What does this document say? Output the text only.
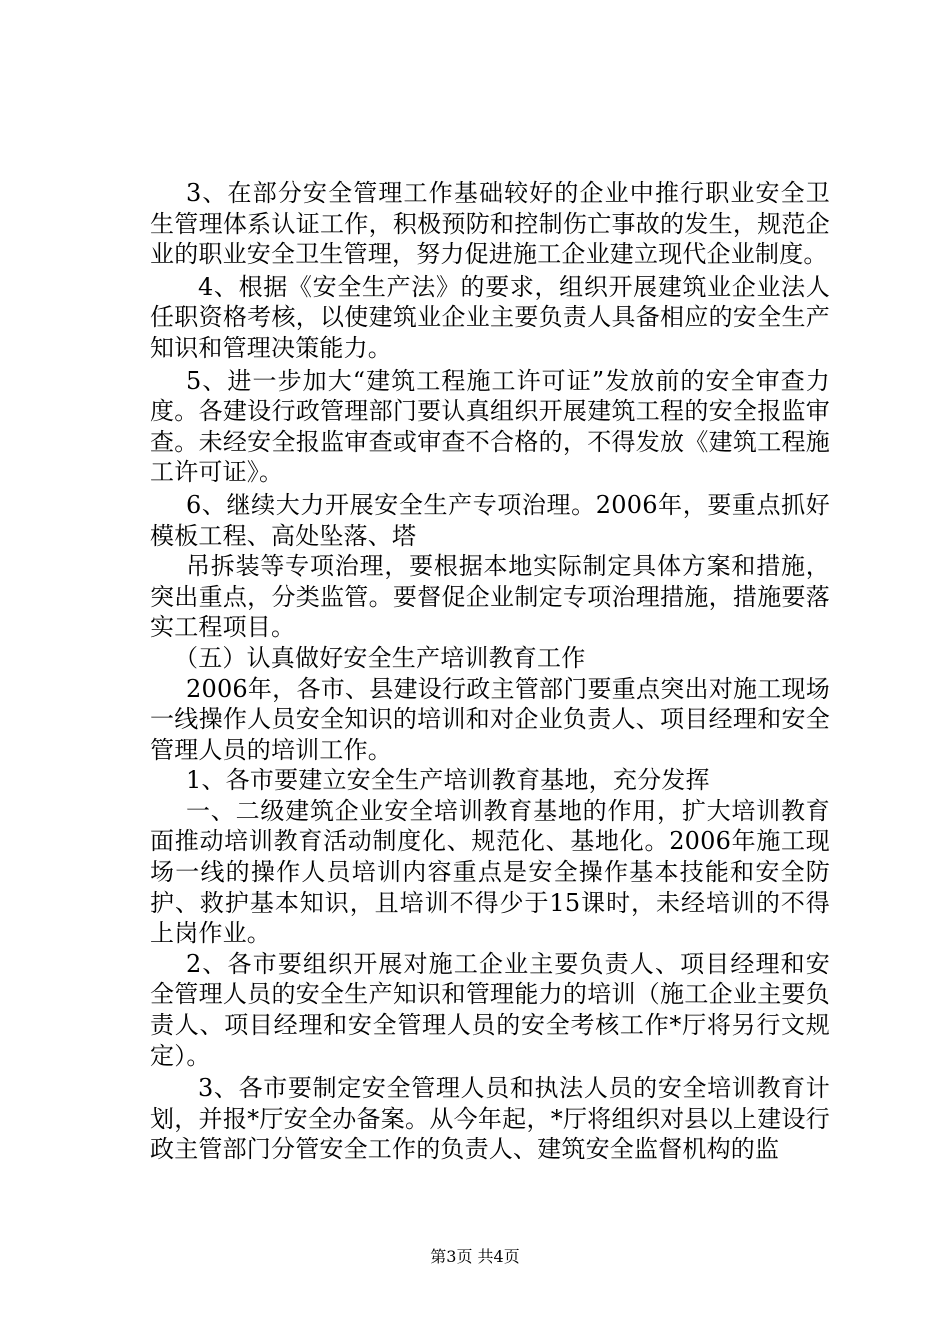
3、在部分安全管理工作基础较好的企业中推行职业安全卫生管理体系认证工作，积极预防和控制伤亡事故的发生，规范企业的职业安全卫生管理，努力促进施工企业建立现代企业制度。

4、根据《安全生产法》的要求，组织开展建筑业企业法人任职资格考核，以使建筑业企业主要负责人具备相应的安全生产知识和管理决策能力。

5、进一步加大“建筑工程施工许可证”发放前的安全审查力度。各建设行政管理部门要认真组织开展建筑工程的安全报监审查。未经安全报监审查或审查不合格的，不得发放《建筑工程施工许可证》。

6、继续大力开展安全生产专项治理。2006年，要重点抓好模板工程、高处坠落、塔

吊拆装等专项治理，要根据本地实际制定具体方案和措施，突出重点，分类监管。要督促企业制定专项治理措施，措施要落实工程项目。

（五）认真做好安全生产培训教育工作

2006年，各市、县建设行政主管部门要重点突出对施工现场一线操作人员安全知识的培训和对企业负责人、项目经理和安全管理人员的培训工作。

1、各市要建立安全生产培训教育基地，充分发挥

一、二级建筑企业安全培训教育基地的作用，扩大培训教育面推动培训教育活动制度化、规范化、基地化。2006年施工现场一线的操作人员培训内容重点是安全操作基本技能和安全防护、救护基本知识，且培训不得少于15课时，未经培训的不得上岗作业。

2、各市要组织开展对施工企业主要负责人、项目经理和安全管理人员的安全生产知识和管理能力的培训（施工企业主要负责人、项目经理和安全管理人员的安全考核工作*厅将另行文规定）。

3、各市要制定安全管理人员和执法人员的安全培训教育计划，并报*厅安全办备案。从今年起，*厅将组织对县以上建设行政主管部门分管安全工作的负责人、建筑安全监督机构的监

第3页 共4页
